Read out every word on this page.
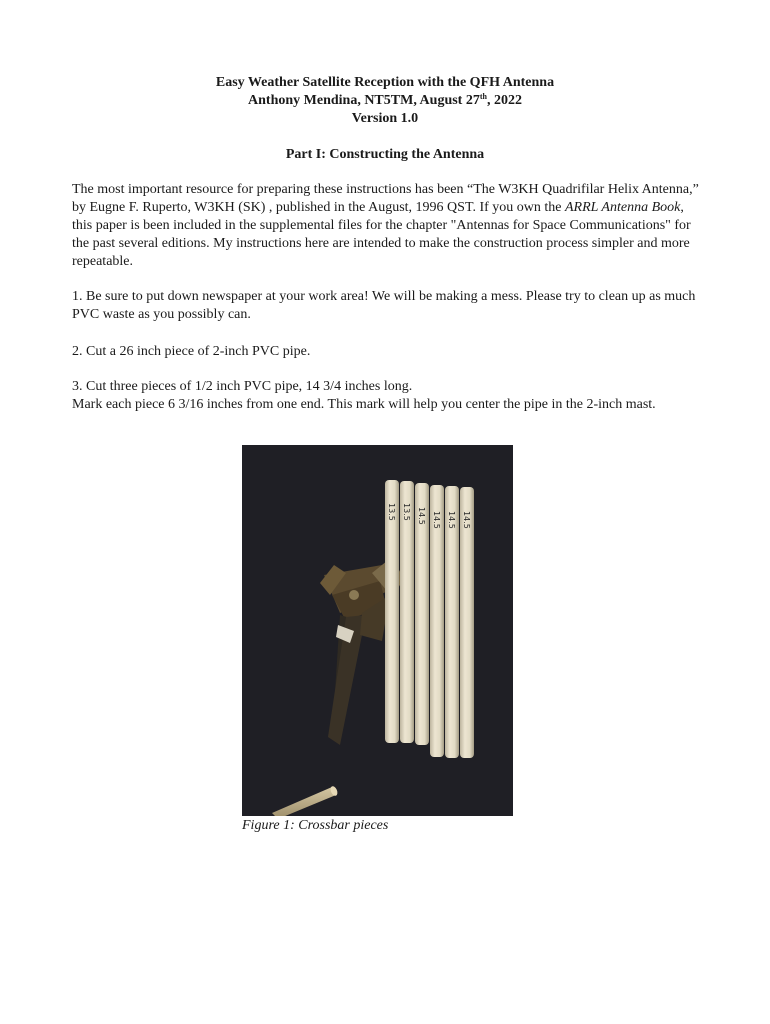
Easy Weather Satellite Reception with the QFH Antenna
Anthony Mendina, NT5TM, August 27th, 2022
Version 1.0
Part I: Constructing the Antenna

The most important resource for preparing these instructions has been “The W3KH Quadrifilar Helix Antenna,” by Eugne F. Ruperto, W3KH (SK) , published in the August, 1996 QST. If you own the ARRL Antenna Book, this paper is been included in the supplemental files for the chapter "Antennas for Space Communications" for the past several editions. My instructions here are intended to make the construction process simpler and more repeatable.

1. Be sure to put down newspaper at your work area! We will be making a mess. Please try to clean up as much PVC waste as you possibly can.

2. Cut a 26 inch piece of 2-inch PVC pipe.

3. Cut three pieces of 1/2 inch PVC pipe, 14 3/4 inches long.
Mark each piece 6 3/16 inches from one end. This mark will help you center the pipe in the 2-inch mast.
13.5 13.5 14.5 14.5 14.5 14.5
Figure 1: Crossbar pieces
